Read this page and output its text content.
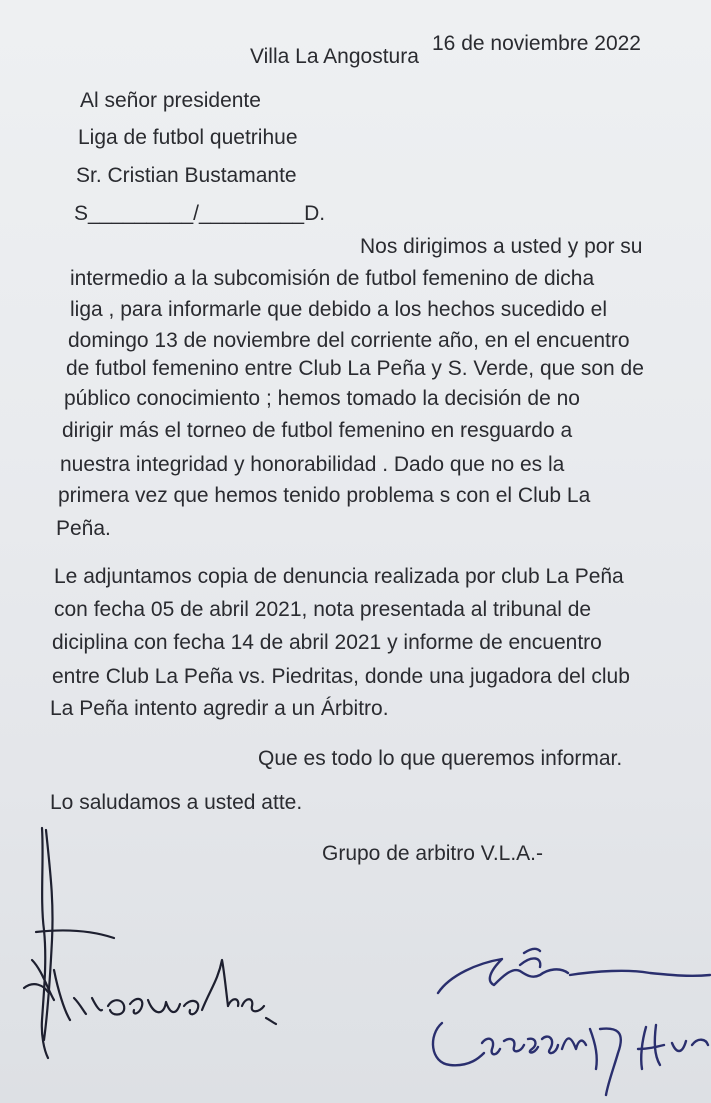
Villa La Angostura
16 de noviembre 2022
Al señor presidente
Liga de futbol quetrihue
Sr. Cristian Bustamante
S_________/_________D.
Nos dirigimos a usted y por su
intermedio a la subcomisión de futbol femenino de dicha
liga , para informarle que debido a los hechos sucedido el
domingo 13 de noviembre del corriente año, en el encuentro
de futbol femenino entre Club La Peña y S. Verde, que son de
público conocimiento ; hemos tomado la decisión de no
dirigir más el torneo de futbol femenino en resguardo a
nuestra integridad y honorabilidad . Dado que no es la
primera vez que hemos tenido problema s con el Club La
Peña.
Le adjuntamos copia de denuncia realizada por club La Peña
con fecha 05 de abril 2021, nota presentada al tribunal de
diciplina con fecha 14 de abril 2021 y informe de encuentro
entre Club La Peña vs. Piedritas, donde una jugadora del club
La Peña intento agredir a un Árbitro.
Que es todo lo que queremos informar.
Lo saludamos a usted atte.
Grupo de arbitro V.L.A.-
